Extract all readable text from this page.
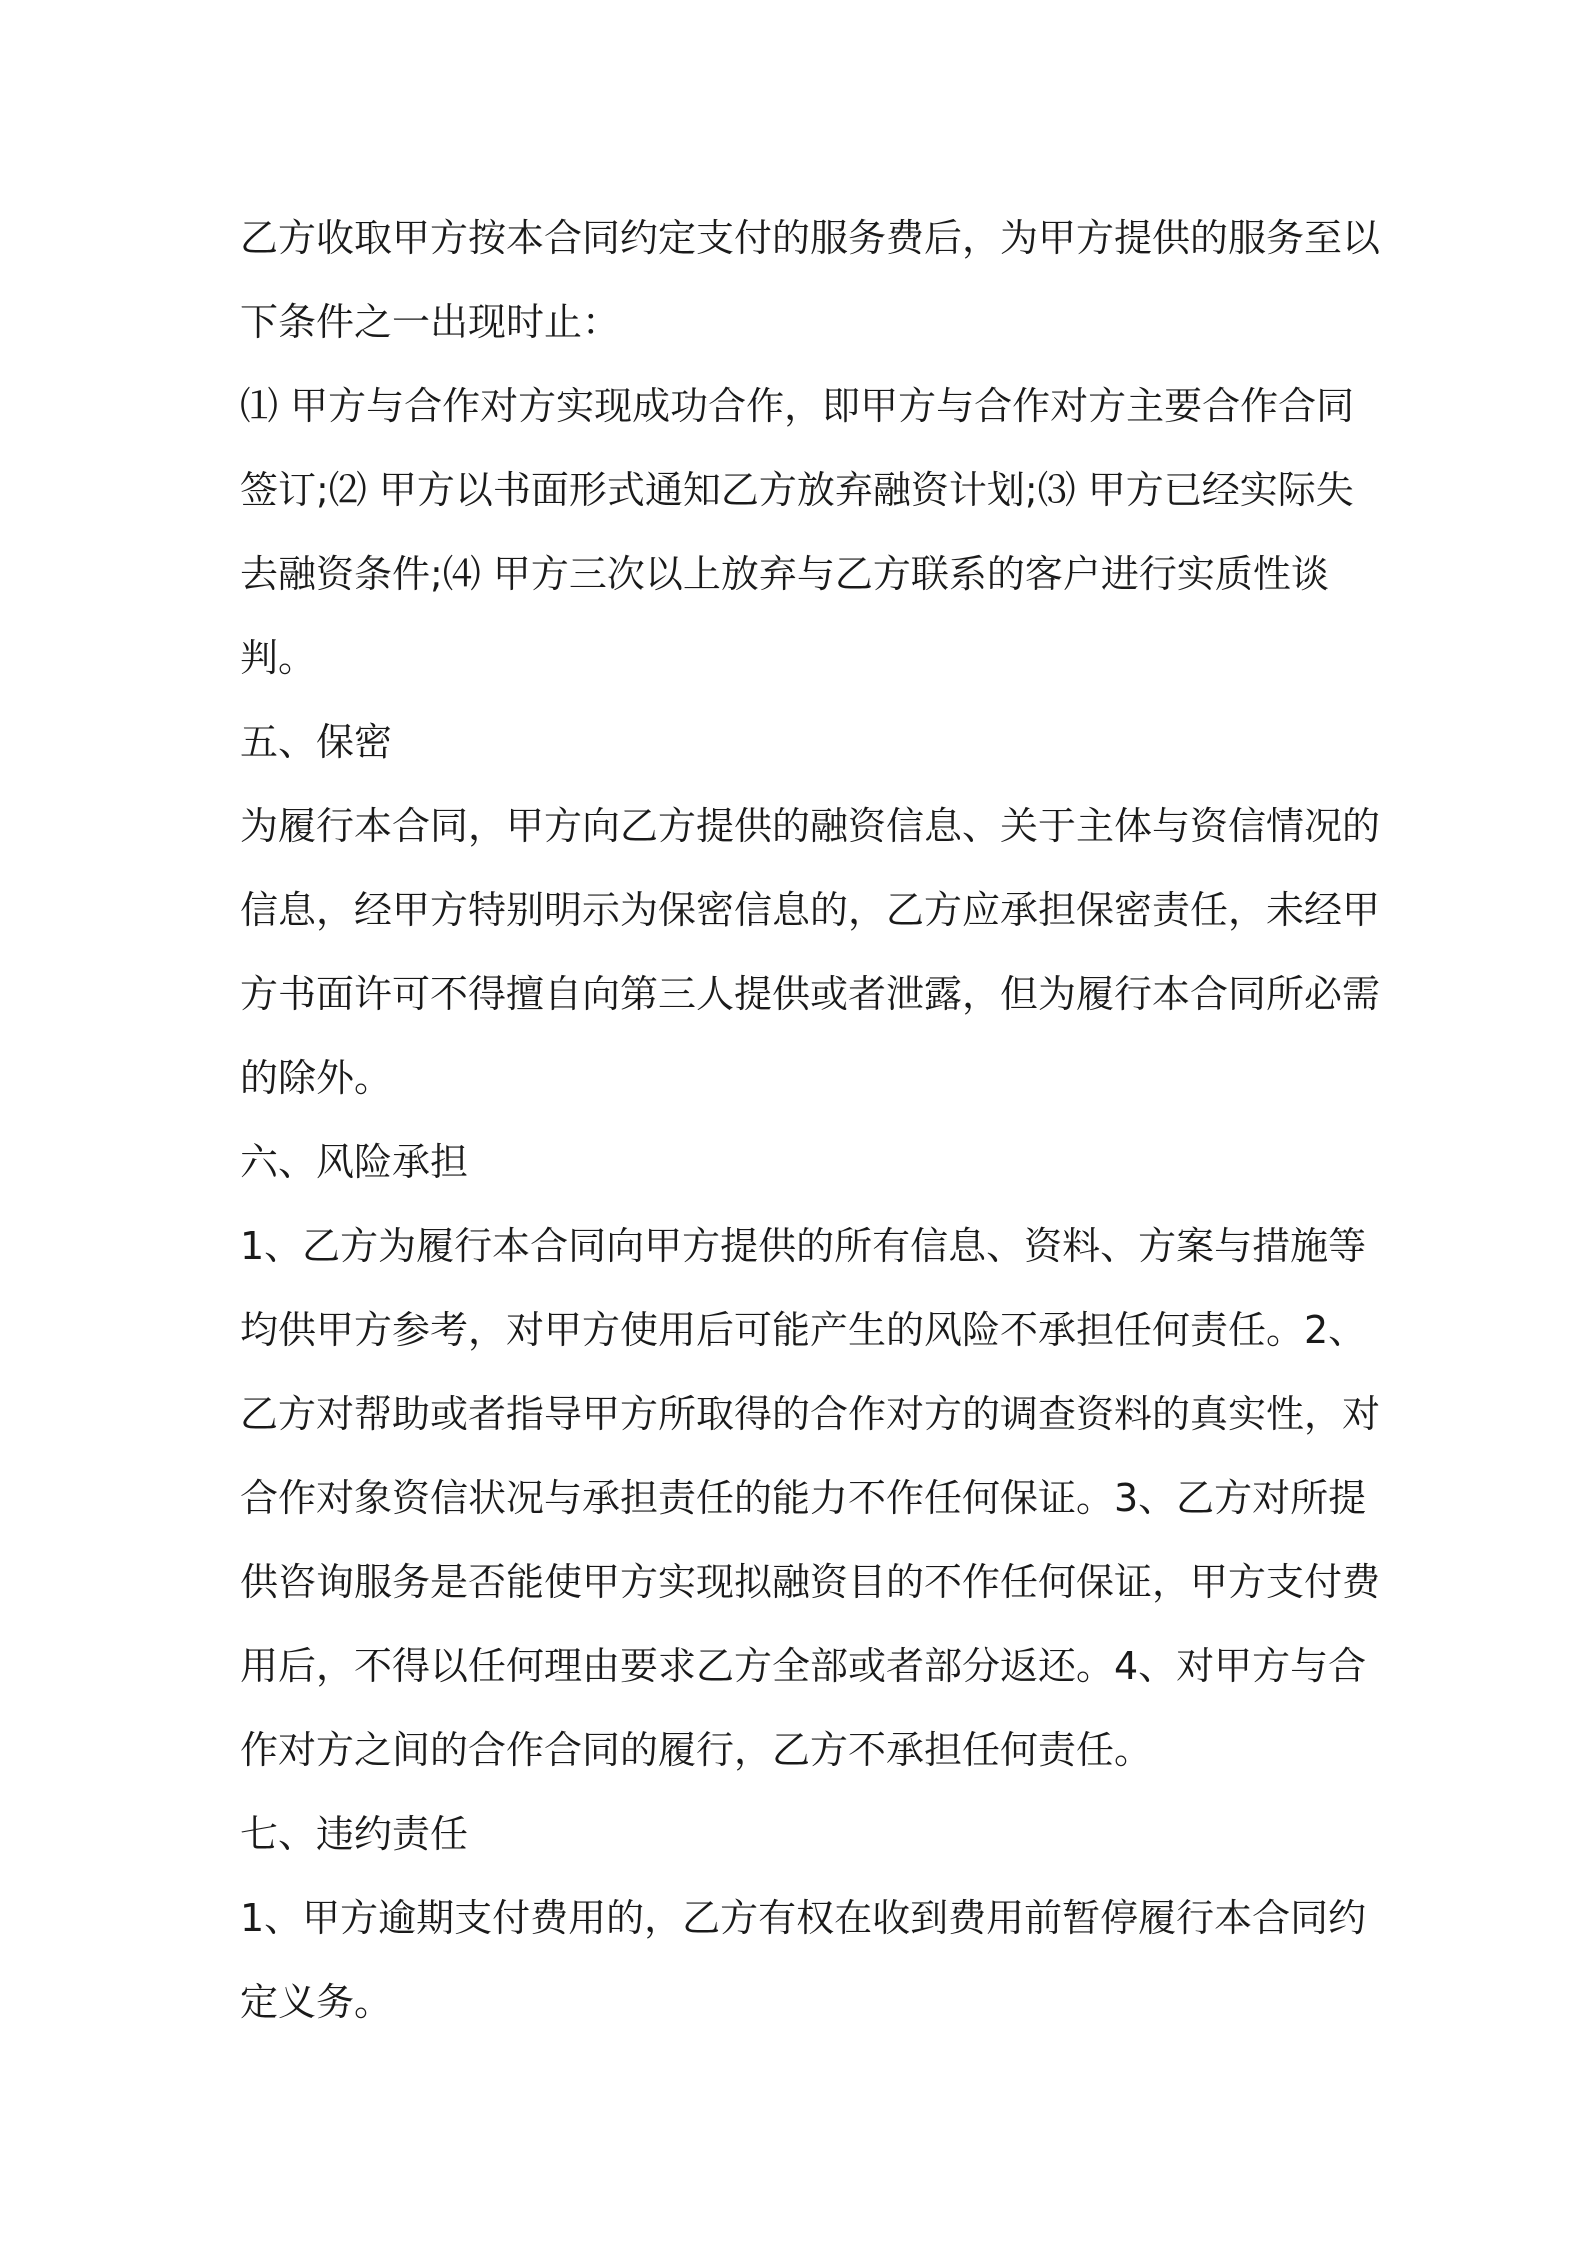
乙方收取甲方按本合同约定支付的服务费后，为甲方提供的服务至以
下条件之一出现时止：
⑴ 甲方与合作对方实现成功合作，即甲方与合作对方主要合作合同
签订;⑵ 甲方以书面形式通知乙方放弃融资计划;⑶ 甲方已经实际失
去融资条件;⑷ 甲方三次以上放弃与乙方联系的客户进行实质性谈
判。
五、保密
为履行本合同，甲方向乙方提供的融资信息、关于主体与资信情况的
信息，经甲方特别明示为保密信息的，乙方应承担保密责任，未经甲
方书面许可不得擅自向第三人提供或者泄露，但为履行本合同所必需
的除外。
六、风险承担
1、乙方为履行本合同向甲方提供的所有信息、资料、方案与措施等
均供甲方参考，对甲方使用后可能产生的风险不承担任何责任。2、
乙方对帮助或者指导甲方所取得的合作对方的调查资料的真实性，对
合作对象资信状况与承担责任的能力不作任何保证。3、乙方对所提
供咨询服务是否能使甲方实现拟融资目的不作任何保证，甲方支付费
用后，不得以任何理由要求乙方全部或者部分返还。4、对甲方与合
作对方之间的合作合同的履行，乙方不承担任何责任。
七、违约责任
1、甲方逾期支付费用的，乙方有权在收到费用前暂停履行本合同约
定义务。
